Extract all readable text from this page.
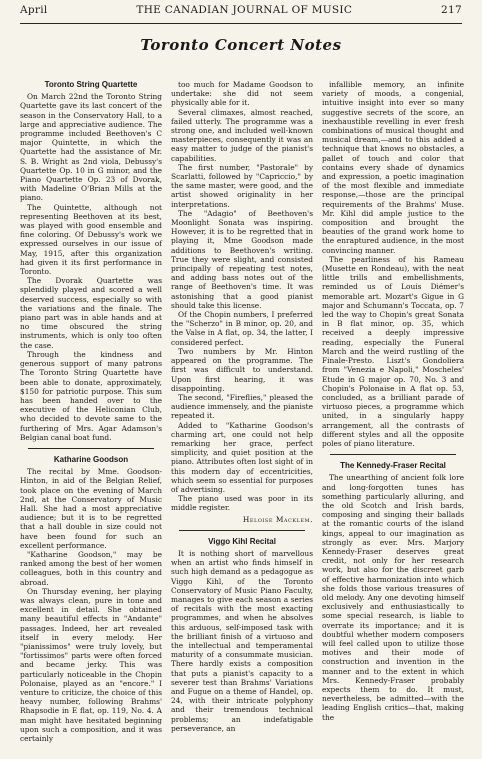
April	THE CANADIAN JOURNAL OF MUSIC	217
Toronto Concert Notes
Toronto String Quartette

On March 22nd the Toronto String Quartette gave its last concert of the season in the Conservatory Hall, to a large and appreciative audience. The programme included Beethoven's C major Quintette, in which the Quartette had the assistance of Mr. S. B. Wright as 2nd viola, Debussy's Quartette Op. 10 in G minor, and the Piano Quartette Op. 23 of Dvorak, with Madeline O'Brian Mills at the piano.

The Quintette, although not representing Beethoven at its best, was played with good ensemble and fine coloring. Of Debussy's work we expressed ourselves in our issue of May, 1915, after this organization had given it its first performance in Toronto.

The Dvorak Quartette was splendidly played and scored a well deserved success, especially so with the variations and the finale. The piano part was in able hands and at no time obscured the string instruments, which is only too often the case.

Through the kindness and generous support of many patrons The Toronto String Quartette have been able to donate, approximately, $150 for patriotic purpose. This sum has been handed over to the executive of the Heliconian Club, who decided to devote same to the furthering of Mrs. Agar Adamson's Belgian canal boat fund.

Katharine Goodson

The recital by Mme. Goodson-Hinton, in aid of the Belgian Relief, took place on the evening of March 2nd, at the Conservatory of Music Hall. She had a most appreciative audience; but it is to be regretted that a hall double in size could not have been found for such an excellent performance.

"Katharine Goodson," may be ranked among the best of her women colleagues, both in this country and abroad.

On Thursday evening, her playing was always clean, pure in tone and excellent in detail. She obtained many beautiful effects in "Andante" passages. Indeed, her art revealed itself in every melody. Her "pianissimos" were truly lovely, but "fortissimos" parts were often forced and became jerky. This was particularly noticeable in the Chopin Polonaise, played as an "encore." I venture to criticize, the choice of this heavy number, following Brahms' Rhapsodie in E flat, op. 119, No. 4. A man might have hesitated beginning upon such a composition, and it was certainly

too much for Madame Goodson to undertake: she did not seem physically able for it.

Several climaxes, almost reached, failed utterly. The programme was a strong one, and included well-known masterpieces, consequently it was an easy matter to judge of the pianist's capabilities.

The first number, "Pastorale" by Scarlatti, followed by "Capriccio," by the same master, were good, and the artist showed originality in her interpretations.

The "Adagio" of Beethoven's Moonlight Sonata was inspiring. However, it is to be regretted that in playing it, Mme Goodson made additions to Beethoven's writing. True they were slight, and consisted principally of repeating test notes, and adding bass notes out of the range of Beethoven's time. It was astonishing that a good pianist should take this license.

Of the Chopin numbers, I preferred the "Scherzo" in B minor, op. 20, and the Valse in A flat, op. 34, the latter, I considered perfect.

Two numbers by Mr. Hinton appeared on the programme. The first was difficult to understand. Upon first hearing, it was disappointing.

The second, "Fireflies," pleased the audience immensely, and the pianiste repeated it.

Added to "Katharine Goodson's charming art, one could not help remarking her grace, perfect simplicity, and quiet position at the piano. Attributes often lost sight of in this modern day of eccentricities, which seem so essential for purposes of advertising.

The piano used was poor in its middle register.

Heloise Macklem.

Viggo Kihl Recital

It is nothing short of marvellous when an artist who finds himself in such high demand as a pedagogue as Viggo Kihl, of the Toronto Conservatory of Music Piano Faculty, manages to give each season a series of recitals with the most exacting programmes, and when he absolves this arduous, self-imposed task with the brilliant finish of a virtuoso and the intellectual and temperamental maturity of a consummate musician. There hardly exists a composition that puts a pianist's capacity to a severer test than Brahms' Variations and Fugue on a theme of Handel, op. 24, with their intricate polyphony and their tremendous technical problems; an indefatigable perseverance, an

infallible memory, an infinite variety of moods, a congenial, intuitive insight into ever so many suggestive secrets of the score, an inexhaustible revelling in ever fresh combinations of musical thought and musical dream,—and to this added a technique that knows no obstacles, a pallet of touch and color that contains every shade of dynamics and expression, a poetic imagination of the most flexible and immediate response,—those are the principal requirements of the Brahms' Muse. Mr. Kihl did ample justice to the composition and brought the beauties of the grand work home to the enraptured audience, in the most convincing manner.

The pearliness of his Rameau (Musette en Rondeau), with the neat little trills and embellishments, reminded us of Louis Diémer's memorable art. Mozart's Gigue in G major and Schumann's Toccata, op. 7 led the way to Chopin's great Sonata in B flat minor, op. 35, which received a deeply impressive reading, especially the Funeral March and the weird rustling of the Finale-Presto. Liszt's Gondoliera from "Venezia e Napoli," Moscheles' Etude in G major op. 70, No. 3 and Chopin's Polonaise in A flat op. 53, concluded, as a brilliant parade of virtuoso pieces, a programme which united, in a singularly happy arrangement, all the contrasts of different styles and all the opposite poles of piano literature.

The Kennedy-Fraser Recital

The unearthing of ancient folk lore and long-forgotten tunes has something particularly alluring, and the old Scotch and Irish bards, composing and singing their ballads at the romantic courts of the island kings, appeal to our imagination as strongly as ever. Mrs. Marjory Kennedy-Fraser deserves great credit, not only for her research work, but also for the discreet garb of effective harmonization into which she folds those various treasures of old melody. Any one devoting himself exclusively and enthusiastically to some special research, is liable to overrate its importance; and it is doubtful whether modern composers will feel called upon to utilize those motives and their mode of construction and invention in the manner and to the extent in which Mrs. Kennedy-Fraser probably expects them to do. It must, nevertheless, be admitted—with the leading English critics—that, making the
